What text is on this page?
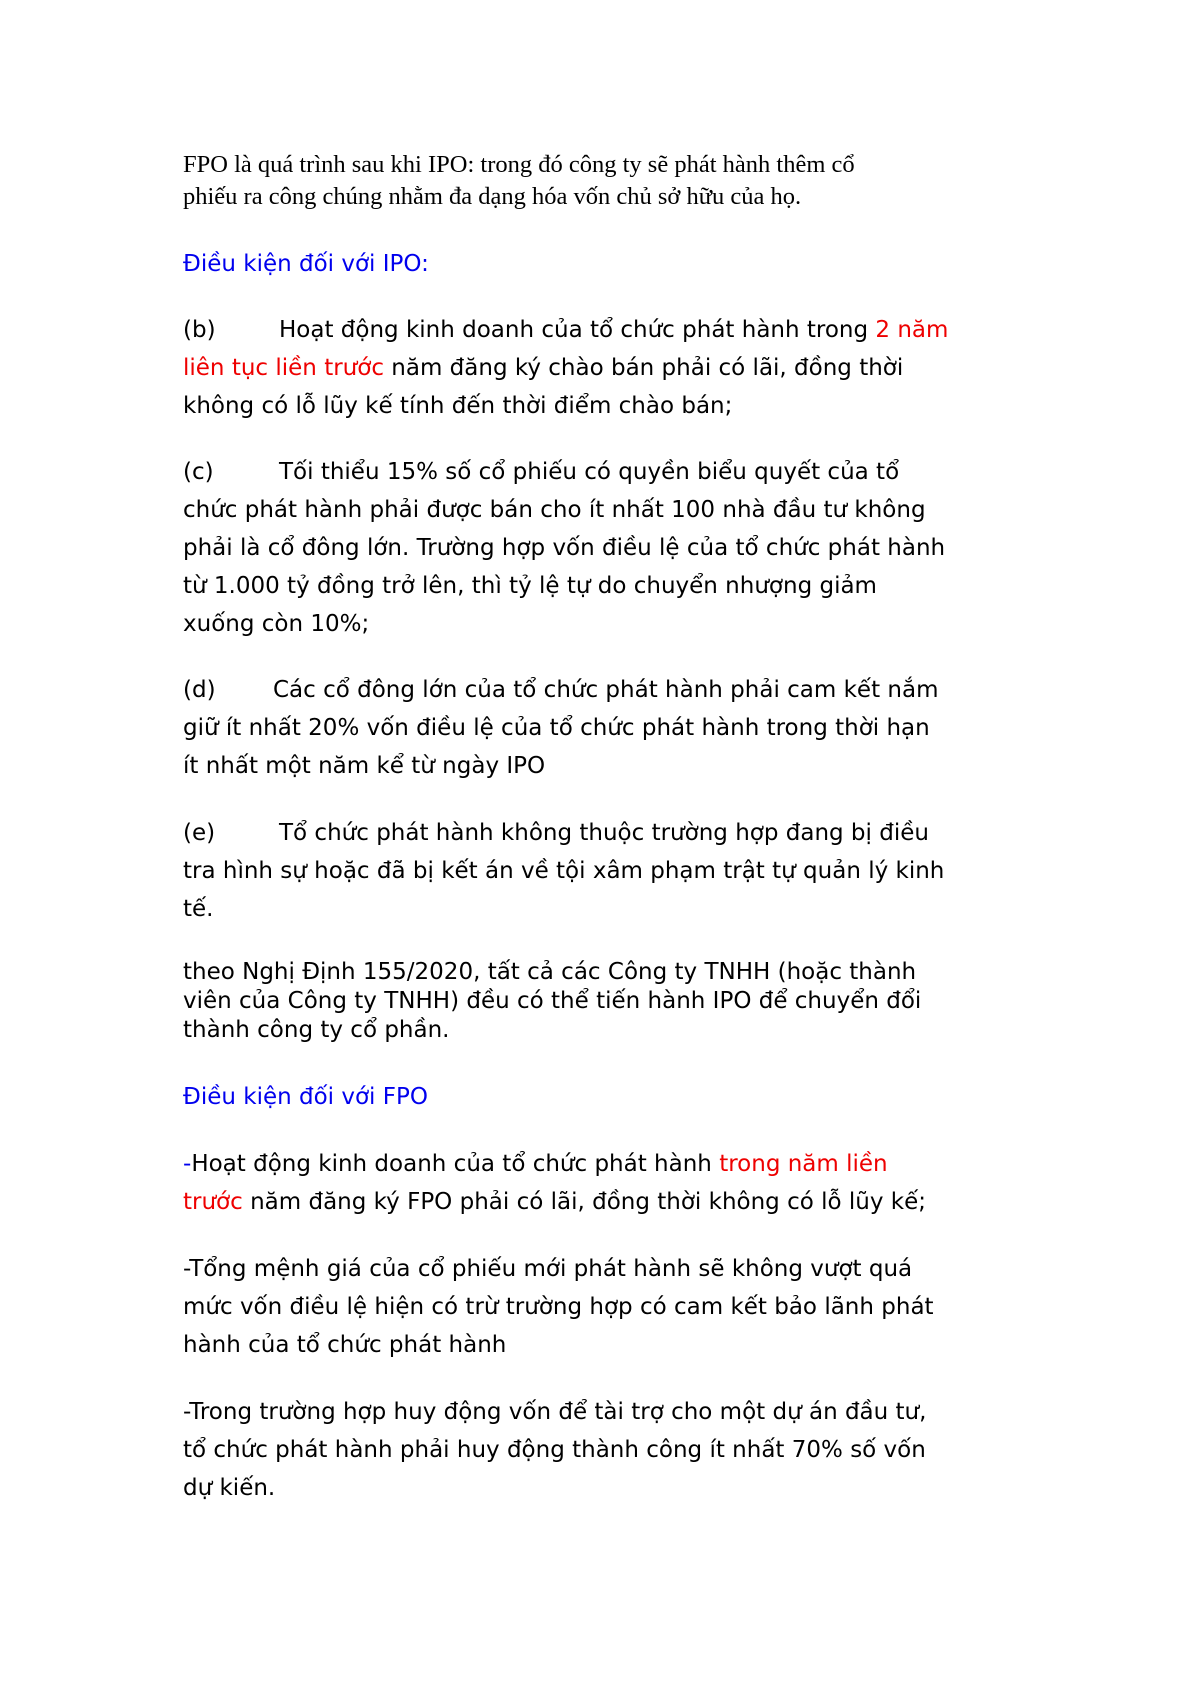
FPO là quá trình sau khi IPO: trong đó công ty sẽ phát hành thêm cổ
phiếu ra công chúng nhằm đa dạng hóa vốn chủ sở hữu của họ.

Điều kiện đối với IPO:

(b)	Hoạt động kinh doanh của tổ chức phát hành trong 2 năm
liên tục liền trước năm đăng ký chào bán phải có lãi, đồng thời
không có lỗ lũy kế tính đến thời điểm chào bán;

(c)	Tối thiểu 15% số cổ phiếu có quyền biểu quyết của tổ
chức phát hành phải được bán cho ít nhất 100 nhà đầu tư không
phải là cổ đông lớn. Trường hợp vốn điều lệ của tổ chức phát hành
từ 1.000 tỷ đồng trở lên, thì tỷ lệ tự do chuyển nhượng giảm
xuống còn 10%;

(d) Các cổ đông lớn của tổ chức phát hành phải cam kết nắm
giữ ít nhất 20% vốn điều lệ của tổ chức phát hành trong thời hạn
ít nhất một năm kể từ ngày IPO

(e)	Tổ chức phát hành không thuộc trường hợp đang bị điều
tra hình sự hoặc đã bị kết án về tội xâm phạm trật tự quản lý kinh
tế.

theo Nghị Định 155/2020, tất cả các Công ty TNHH (hoặc thành
viên của Công ty TNHH) đều có thể tiến hành IPO để chuyển đổi
thành công ty cổ phần.

Điều kiện đối với FPO

-Hoạt động kinh doanh của tổ chức phát hành trong năm liền
trước năm đăng ký FPO phải có lãi, đồng thời không có lỗ lũy kế;

-Tổng mệnh giá của cổ phiếu mới phát hành sẽ không vượt quá
mức vốn điều lệ hiện có trừ trường hợp có cam kết bảo lãnh phát
hành của tổ chức phát hành

-Trong trường hợp huy động vốn để tài trợ cho một dự án đầu tư,
tổ chức phát hành phải huy động thành công ít nhất 70% số vốn
dự kiến.
